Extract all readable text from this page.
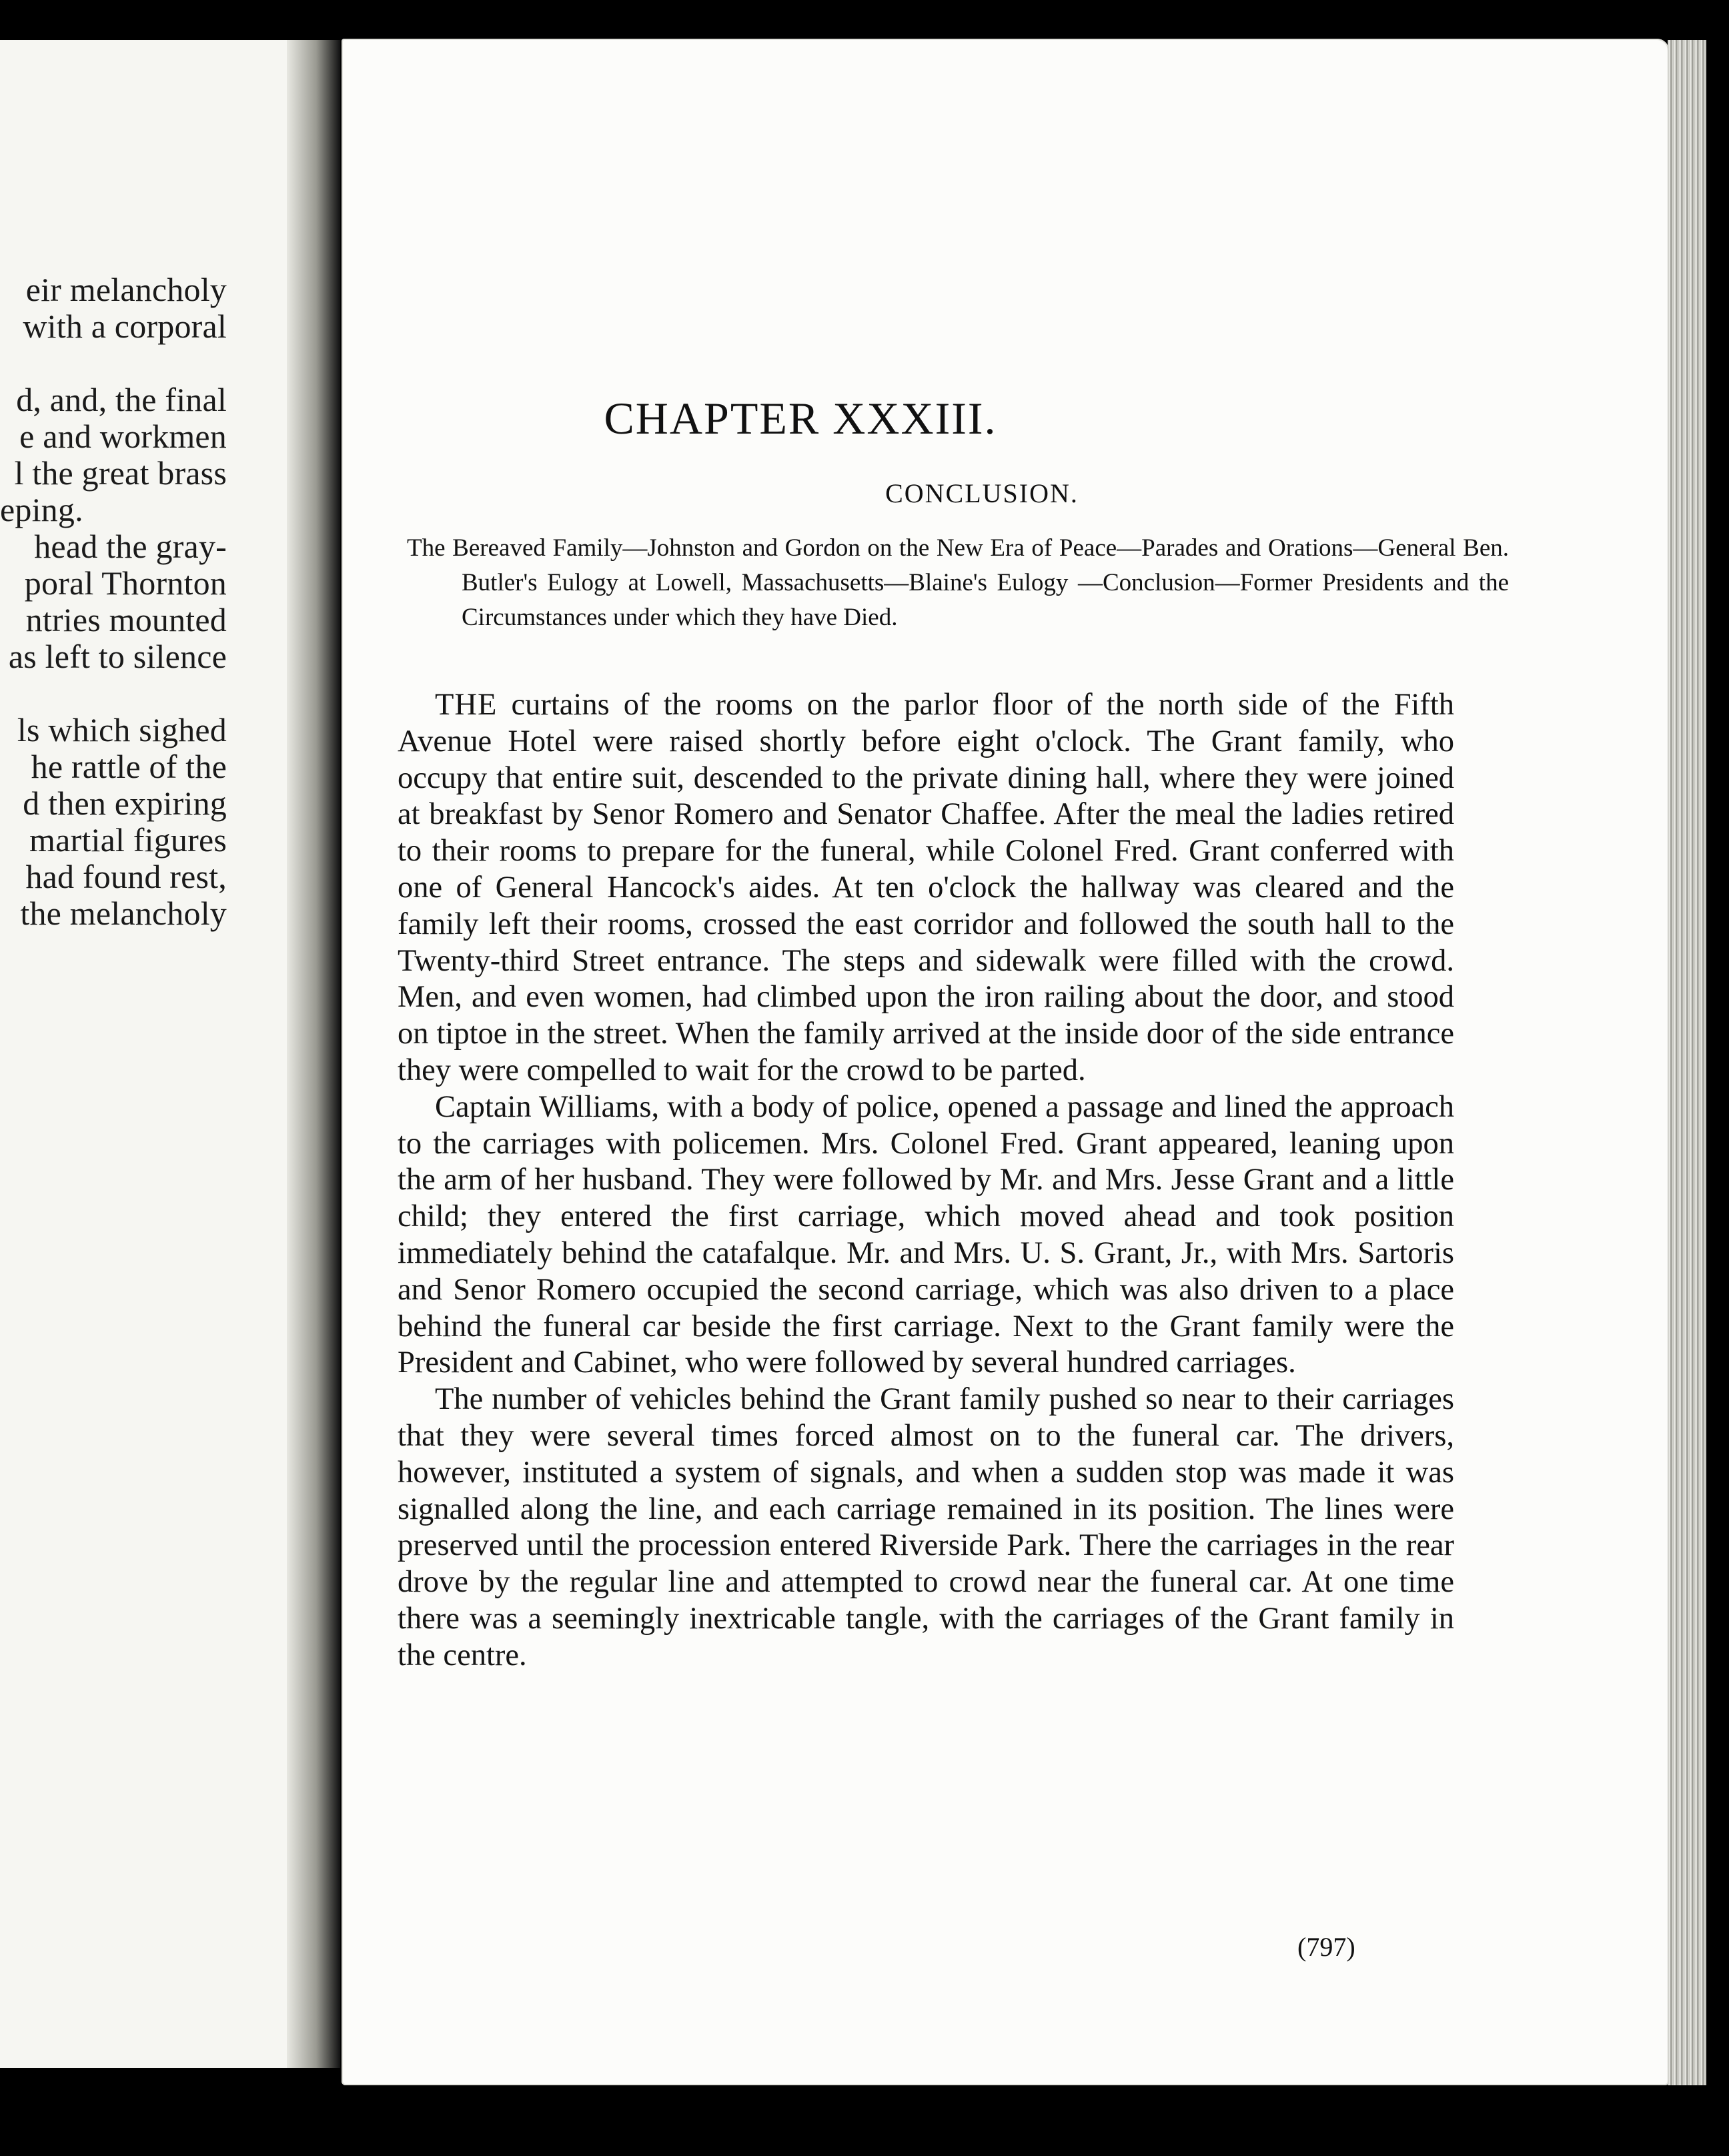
eir melancholy
with a corporal
d, and, the final
e and workmen
l the great brass
eping.
head the gray-
poral Thornton
ntries mounted
as left to silence
ls which sighed
he rattle of the
d then expiring
martial figures
had found rest,
the melancholy
CHAPTER XXXIII.
CONCLUSION.

The Bereaved Family—Johnston and Gordon on the New Era of Peace—Parades and Orations—General Ben. Butler's Eulogy at Lowell, Massachusetts—Blaine's Eulogy —Conclusion—Former Presidents and the Circumstances under which they have Died.

THE curtains of the rooms on the parlor floor of the north side of the Fifth Avenue Hotel were raised shortly before eight o'clock. The Grant family, who occupy that entire suit, descended to the private dining hall, where they were joined at breakfast by Senor Romero and Senator Chaffee. After the meal the ladies retired to their rooms to prepare for the funeral, while Colonel Fred. Grant conferred with one of General Hancock's aides. At ten o'clock the hallway was cleared and the family left their rooms, crossed the east corridor and followed the south hall to the Twenty-third Street entrance. The steps and sidewalk were filled with the crowd. Men, and even women, had climbed upon the iron railing about the door, and stood on tiptoe in the street. When the family arrived at the inside door of the side entrance they were compelled to wait for the crowd to be parted.

Captain Williams, with a body of police, opened a passage and lined the approach to the carriages with policemen. Mrs. Colonel Fred. Grant appeared, leaning upon the arm of her husband. They were followed by Mr. and Mrs. Jesse Grant and a little child; they entered the first carriage, which moved ahead and took position immediately behind the catafalque. Mr. and Mrs. U. S. Grant, Jr., with Mrs. Sartoris and Senor Romero occupied the second carriage, which was also driven to a place behind the funeral car beside the first carriage. Next to the Grant family were the President and Cabinet, who were followed by several hundred carriages.

The number of vehicles behind the Grant family pushed so near to their carriages that they were several times forced almost on to the funeral car. The drivers, however, instituted a system of signals, and when a sudden stop was made it was signalled along the line, and each carriage remained in its position. The lines were preserved until the procession entered Riverside Park. There the carriages in the rear drove by the regular line and attempted to crowd near the funeral car. At one time there was a seemingly inextricable tangle, with the carriages of the Grant family in the centre.

(797)
